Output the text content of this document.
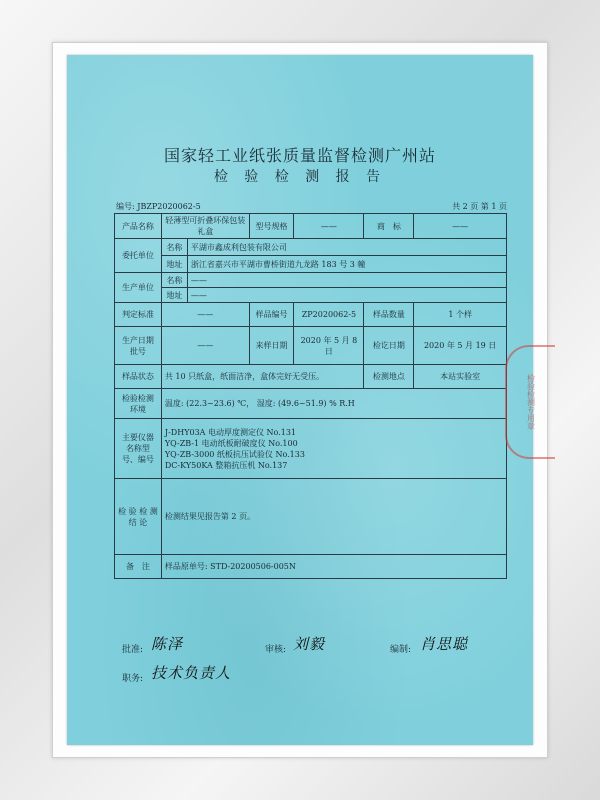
国家轻工业纸张质量监督检测广州站
检 验 检 测 报 告
编号: JBZP2020062-5	共 2 页 第 1 页
产品名称	轻薄型可折叠环保包装礼盒		型号规格	——	商　标	——
委托单位	名称	平湖市鑫成利包装有限公司				
	地址	浙江省嘉兴市平湖市曹桥街道九龙路 183 号 3 幢				
生产单位	名称	——				
	地址	——				
判定标准	——		样品编号	ZP2020062-5	样品数量	1 个样
生产日期批号	——		来样日期	2020 年 5 月 8 日	检讫日期	2020 年 5 月 19 日
样品状态	共 10 只纸盒，纸面洁净，盒体完好无受压。				检测地点	本站实验室
检验检测环境	温度: (22.3~23.6) ℃， 湿度: (49.6~51.9) % R.H					
主要仪器名称型号、编号	J-DHY03A 电动厚度测定仪 No.131
YQ-ZB-1 电动纸板耐破度仪 No.100
YQ-ZB-3000 纸板抗压试验仪 No.133
DC-KY50KA 整箱抗压机 No.137					

检 验 检 测 结 论	检测结果见报告第 2 页。					
备　注	样品原单号: STD-20200506-005N					
批准: 陈泽	审核: 刘毅	编制: 肖思聪
职务: 技术负责人
检验检测专用章
